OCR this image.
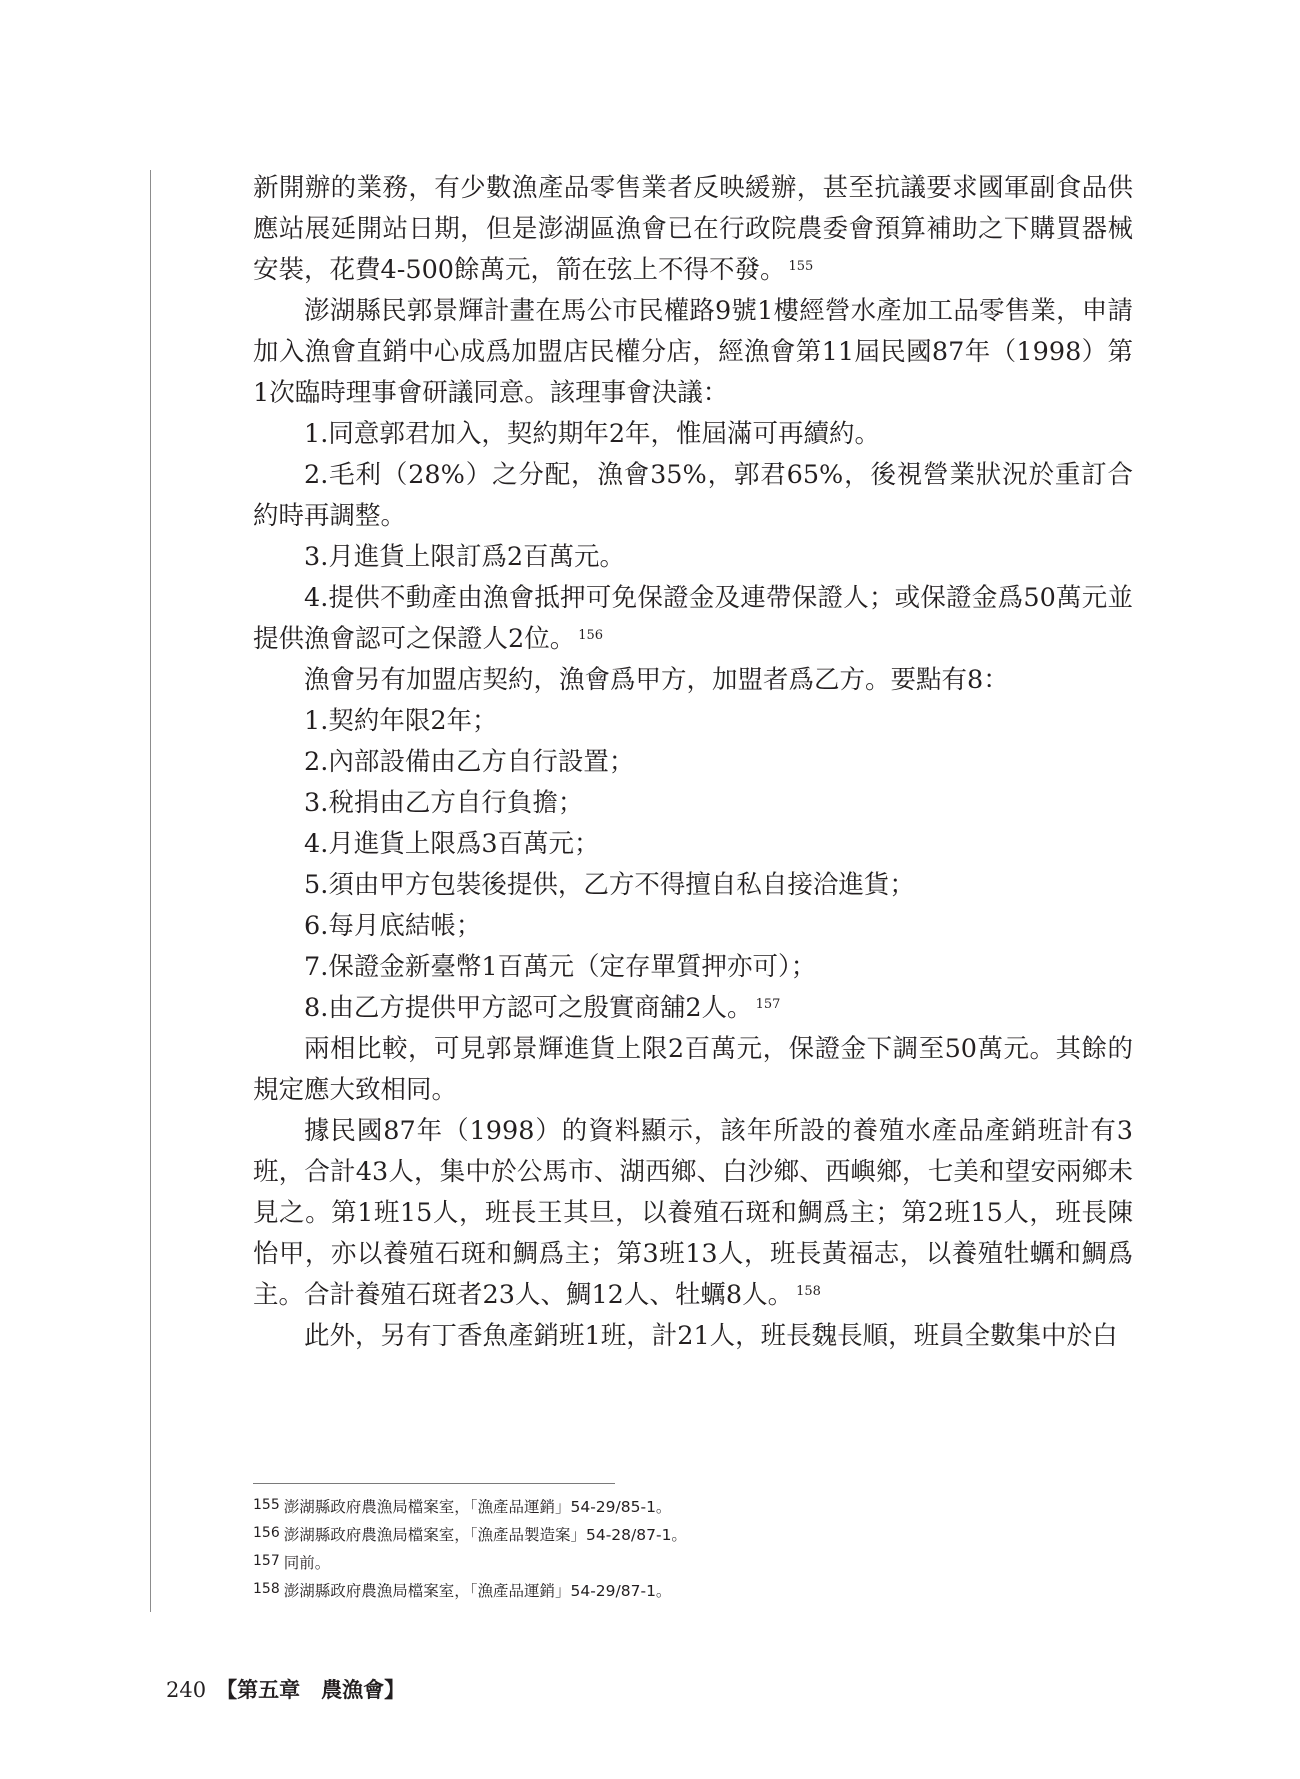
新開辦的業務，有少數漁產品零售業者反映緩辦，甚至抗議要求國軍副食品供應站展延開站日期，但是澎湖區漁會已在行政院農委會預算補助之下購買器械安裝，花費4-500餘萬元，箭在弦上不得不發。 $^{155}$

澎湖縣民郭景輝計畫在馬公市民權路9號1樓經營水產加工品零售業，申請加入漁會直銷中心成爲加盟店民權分店，經漁會第11屆民國87年（1998）第1次臨時理事會研議同意。該理事會決議：

1.同意郭君加入，契約期年2年，惟屆滿可再續約。

2.毛利（28%）之分配，漁會35%，郭君65%，後視營業狀況於重訂合約時再調整。

3.月進貨上限訂爲2百萬元。

4.提供不動產由漁會抵押可免保證金及連帶保證人；或保證金爲50萬元並提供漁會認可之保證人2位。 $^{156}$

漁會另有加盟店契約，漁會爲甲方，加盟者爲乙方。要點有8：

1.契約年限2年；

2.內部設備由乙方自行設置；

3.稅捐由乙方自行負擔；

4.月進貨上限爲3百萬元；

5.須由甲方包裝後提供，乙方不得擅自私自接洽進貨；

6.每月底結帳；

7.保證金新臺幣1百萬元（定存單質押亦可）；

8.由乙方提供甲方認可之殷實商舖2人。 $^{157}$

兩相比較，可見郭景輝進貨上限2百萬元，保證金下調至50萬元。其餘的規定應大致相同。

據民國87年（1998）的資料顯示，該年所設的養殖水產品產銷班計有3班，合計43人，集中於公馬市、湖西鄉、白沙鄉、西嶼鄉，七美和望安兩鄉未見之。第1班15人，班長王其旦，以養殖石斑和鯛爲主；第2班15人，班長陳怡甲，亦以養殖石斑和鯛爲主；第3班13人，班長黃福志，以養殖牡蠣和鯛爲主。合計養殖石斑者23人、鯛12人、牡蠣8人。 $^{158}$

此外，另有丁香魚產銷班1班，計21人，班長魏長順，班員全數集中於白

155 澎湖縣政府農漁局檔案室，「漁產品運銷」54-29/85-1。

156 澎湖縣政府農漁局檔案室，「漁產品製造案」54-28/87-1。

157 同前。

158 澎湖縣政府農漁局檔案室，「漁產品運銷」54-29/87-1。

240 【第五章　農漁會】
